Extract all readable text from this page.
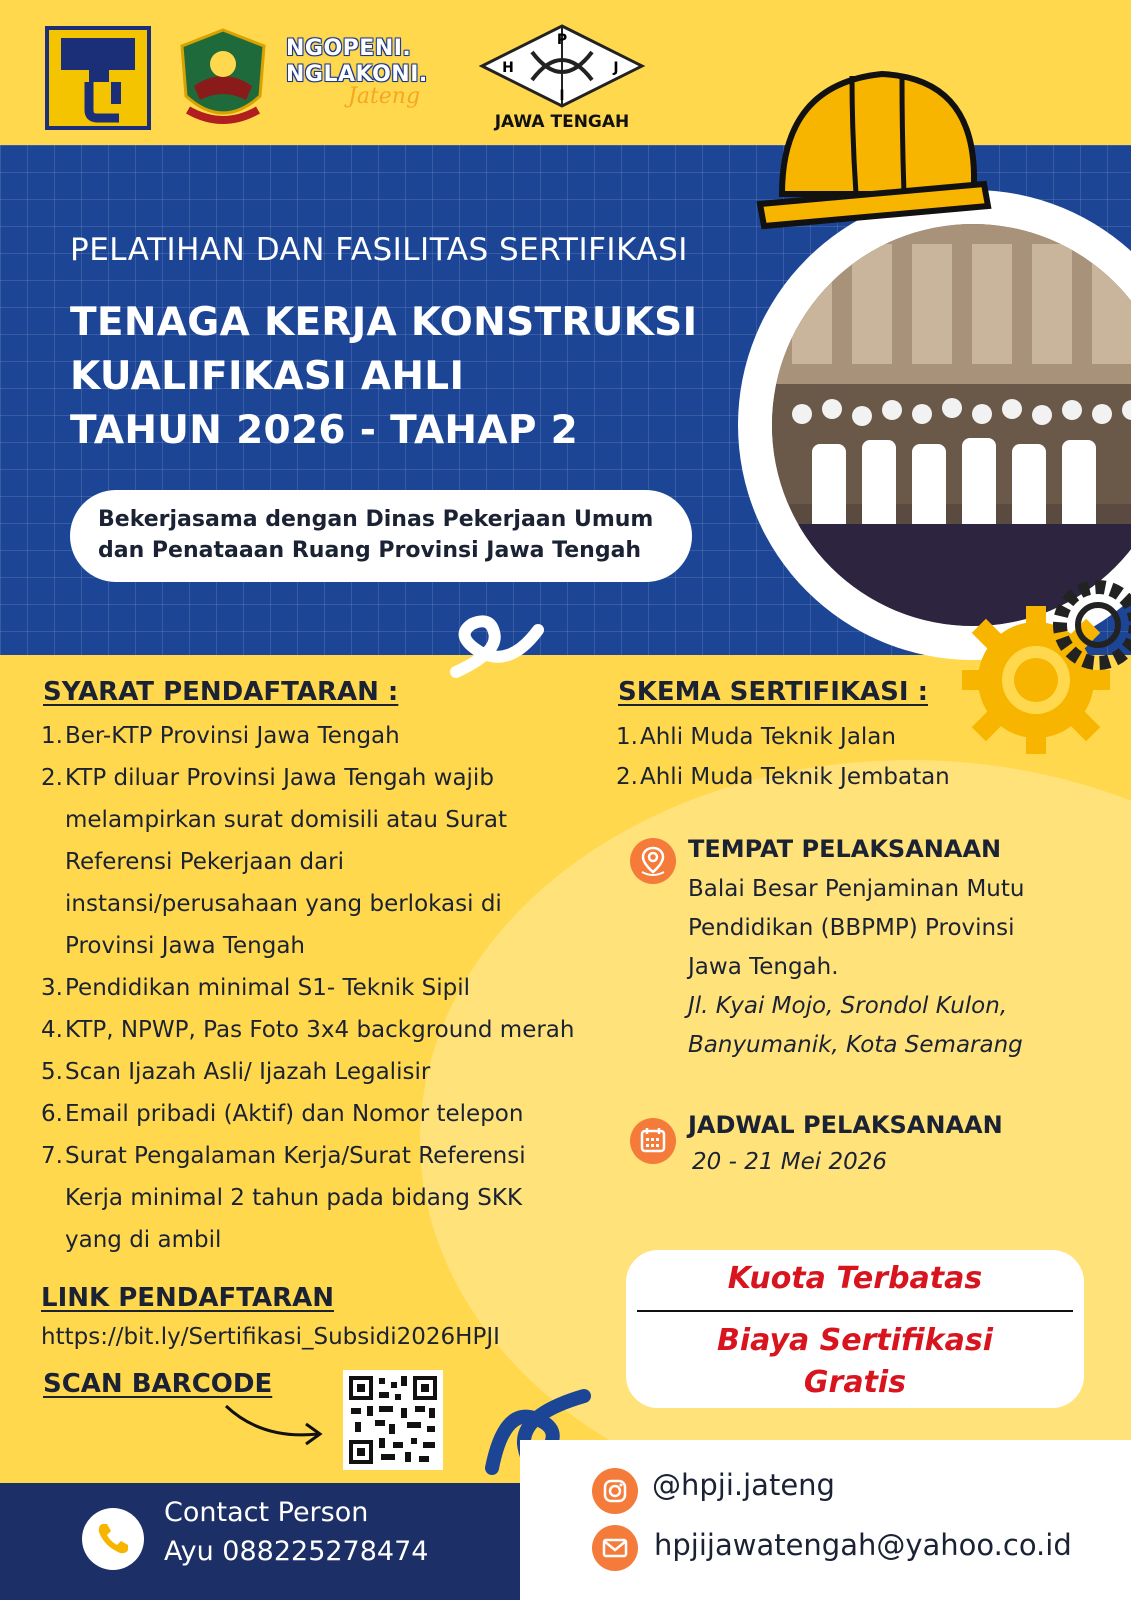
NGOPENI.
NGLAKONI.
Jateng
P
H	J
I
JAWA TENGAH
PELATIHAN DAN FASILITAS SERTIFIKASI
TENAGA KERJA KONSTRUKSI
KUALIFIKASI AHLI
TAHUN 2026 - TAHAP 2
Bekerjasama dengan Dinas Pekerjaan Umum
dan Penataaan Ruang Provinsi Jawa Tengah
SYARAT PENDAFTARAN :
1. Ber-KTP Provinsi Jawa Tengah
2. KTP diluar Provinsi Jawa Tengah wajib
melampirkan surat domisili atau Surat
Referensi Pekerjaan dari
instansi/perusahaan yang berlokasi di
Provinsi Jawa Tengah
3. Pendidikan minimal S1- Teknik Sipil
4. KTP, NPWP, Pas Foto 3x4 background merah
5. Scan Ijazah Asli/ Ijazah Legalisir
6. Email pribadi (Aktif) dan Nomor telepon
7. Surat Pengalaman Kerja/Surat Referensi
Kerja minimal 2 tahun pada bidang SKK
yang di ambil
LINK PENDAFTARAN
https://bit.ly/Sertifikasi_Subsidi2026HPJI
SCAN BARCODE
SKEMA SERTIFIKASI :
1. Ahli Muda Teknik Jalan
2. Ahli Muda Teknik Jembatan
TEMPAT PELAKSANAAN
Balai Besar Penjaminan Mutu
Pendidikan (BBPMP) Provinsi
Jawa Tengah.
Jl. Kyai Mojo, Srondol Kulon,
Banyumanik, Kota Semarang
JADWAL PELAKSANAAN
20 - 21 Mei 2026
Kuota Terbatas
Biaya Sertifikasi
Gratis
Contact Person
Ayu 088225278474
@hpji.jateng
hpjijawatengah@yahoo.co.id
